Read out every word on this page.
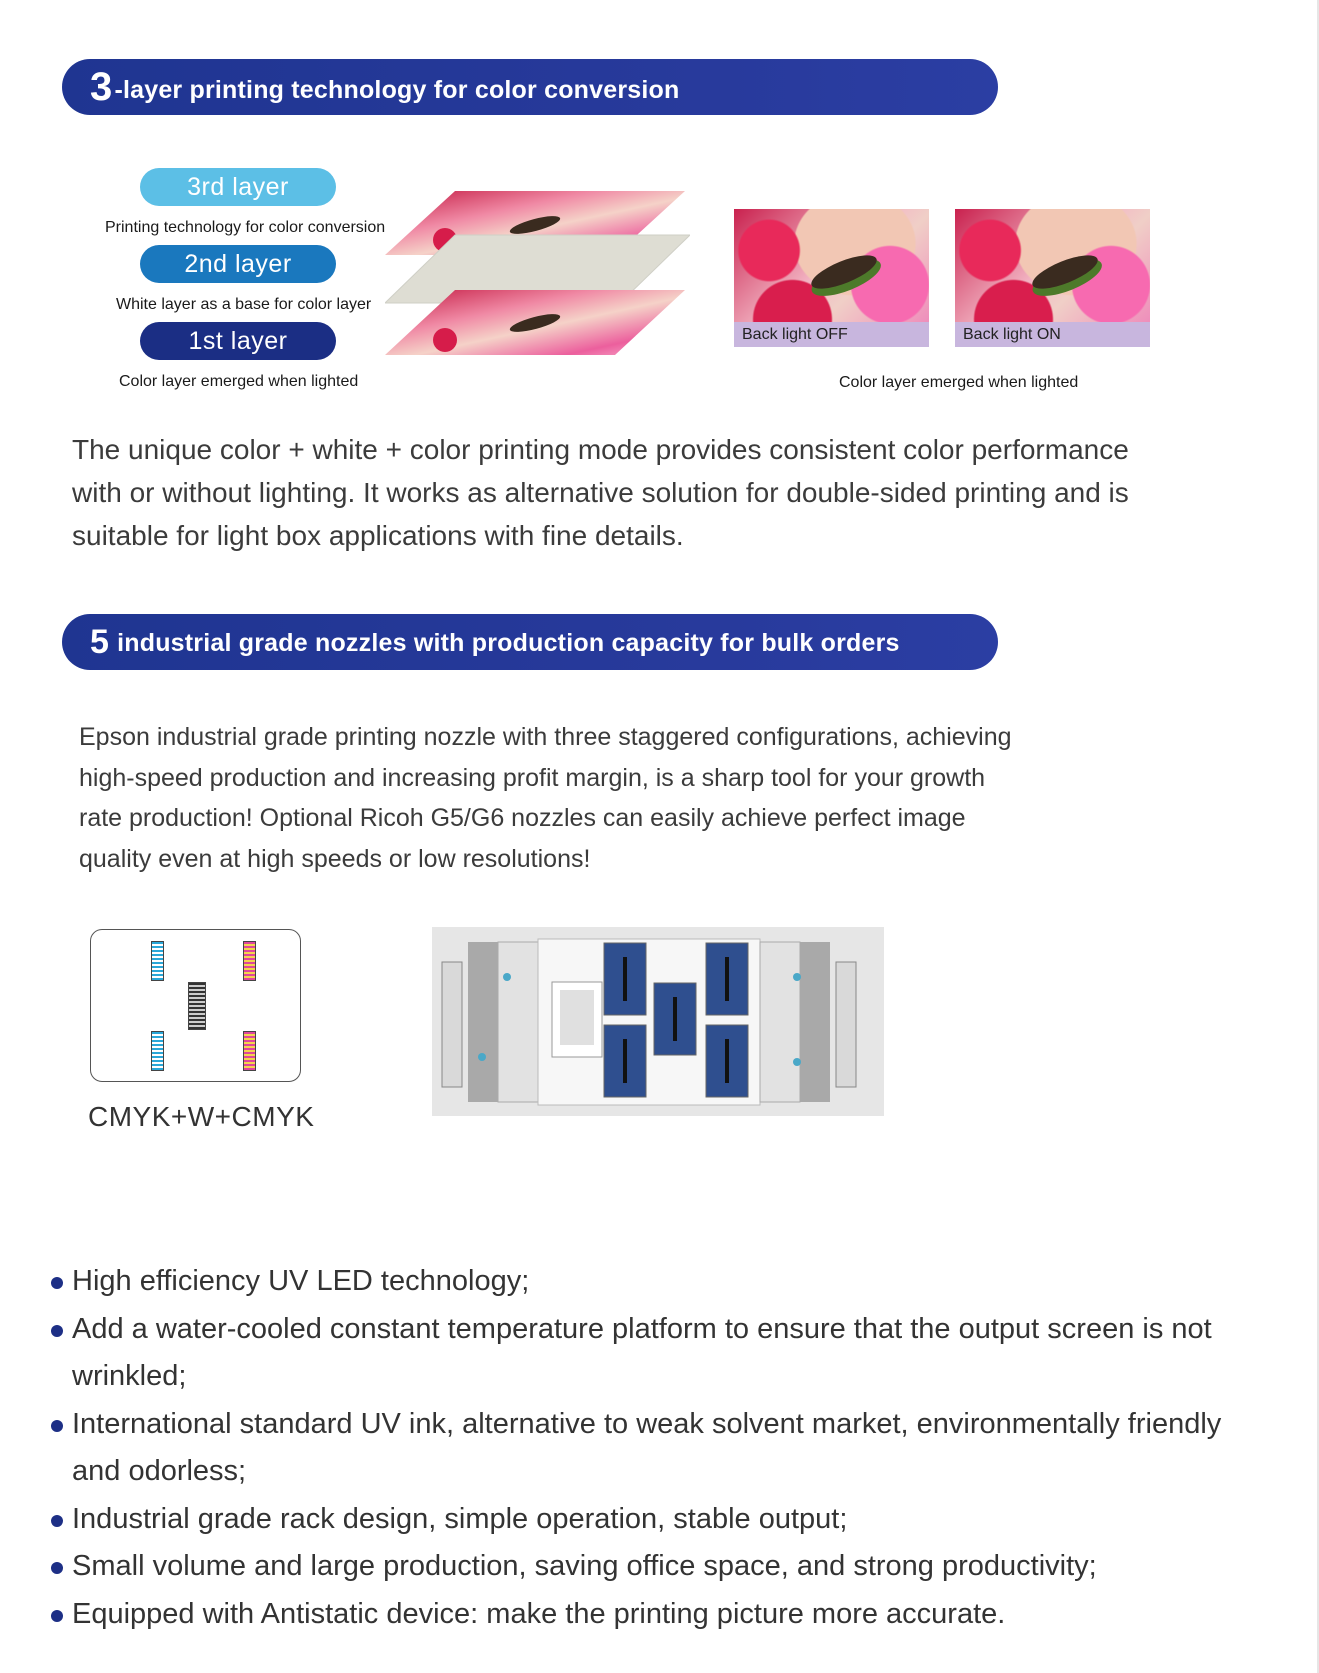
3 -layer printing technology for color conversion
3rd layer
Printing technology for color conversion
2nd layer
White layer as a base for color layer
1st layer
Color layer emerged when lighted
Back light OFF	Back light ON
Color layer emerged when lighted

The unique color + white + color printing mode provides consistent color performance with or without lighting. It works as alternative solution for double-sided printing and is suitable for light box applications with fine details.

5 industrial grade nozzles with production capacity for bulk orders

Epson industrial grade printing nozzle with three staggered configurations, achieving high-speed production and increasing profit margin, is a sharp tool for your growth rate production! Optional Ricoh G5/G6 nozzles can easily achieve perfect image quality even at high speeds or low resolutions!

CMYK+W+CMYK
High efficiency UV LED technology;
Add a water-cooled constant temperature platform to ensure that the output screen is not wrinkled;
International standard UV ink, alternative to weak solvent market, environmentally friendly and odorless;
Industrial grade rack design, simple operation, stable output;
Small volume and large production, saving office space, and strong productivity;
Equipped with Antistatic device: make the printing picture more accurate.
